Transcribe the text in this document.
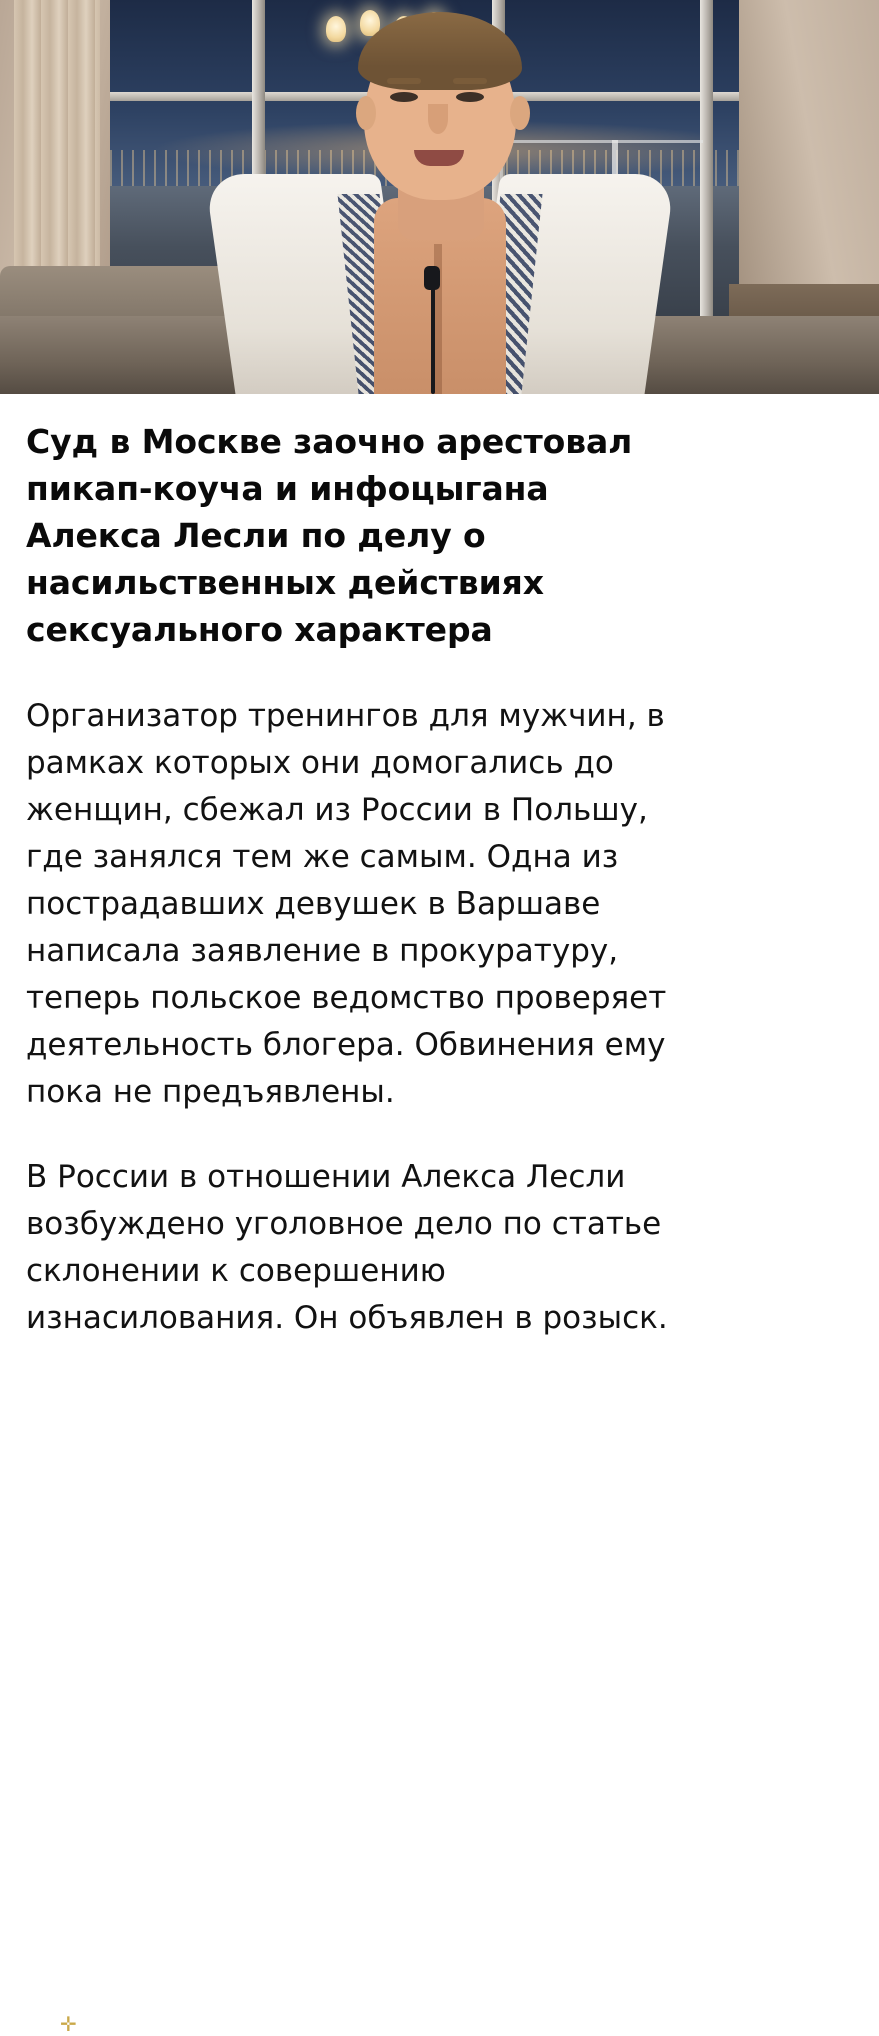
Суд в Москве заочно арестовал пикап-коуча и инфоцыгана Алекса Лесли по делу о насильственных действиях сексуального характера

Организатор тренингов для мужчин, в рамках которых они домогались до женщин, сбежал из России в Польшу, где занялся тем же самым. Одна из пострадавших девушек в Варшаве написала заявление в прокуратуру, теперь польское ведомство проверяет деятельность блогера. Обвинения ему пока не предъявлены.

В России в отношении Алекса Лесли возбуждено уголовное дело по статье склонении к совершению изнасилования. Он объявлен в розыск.

✛
